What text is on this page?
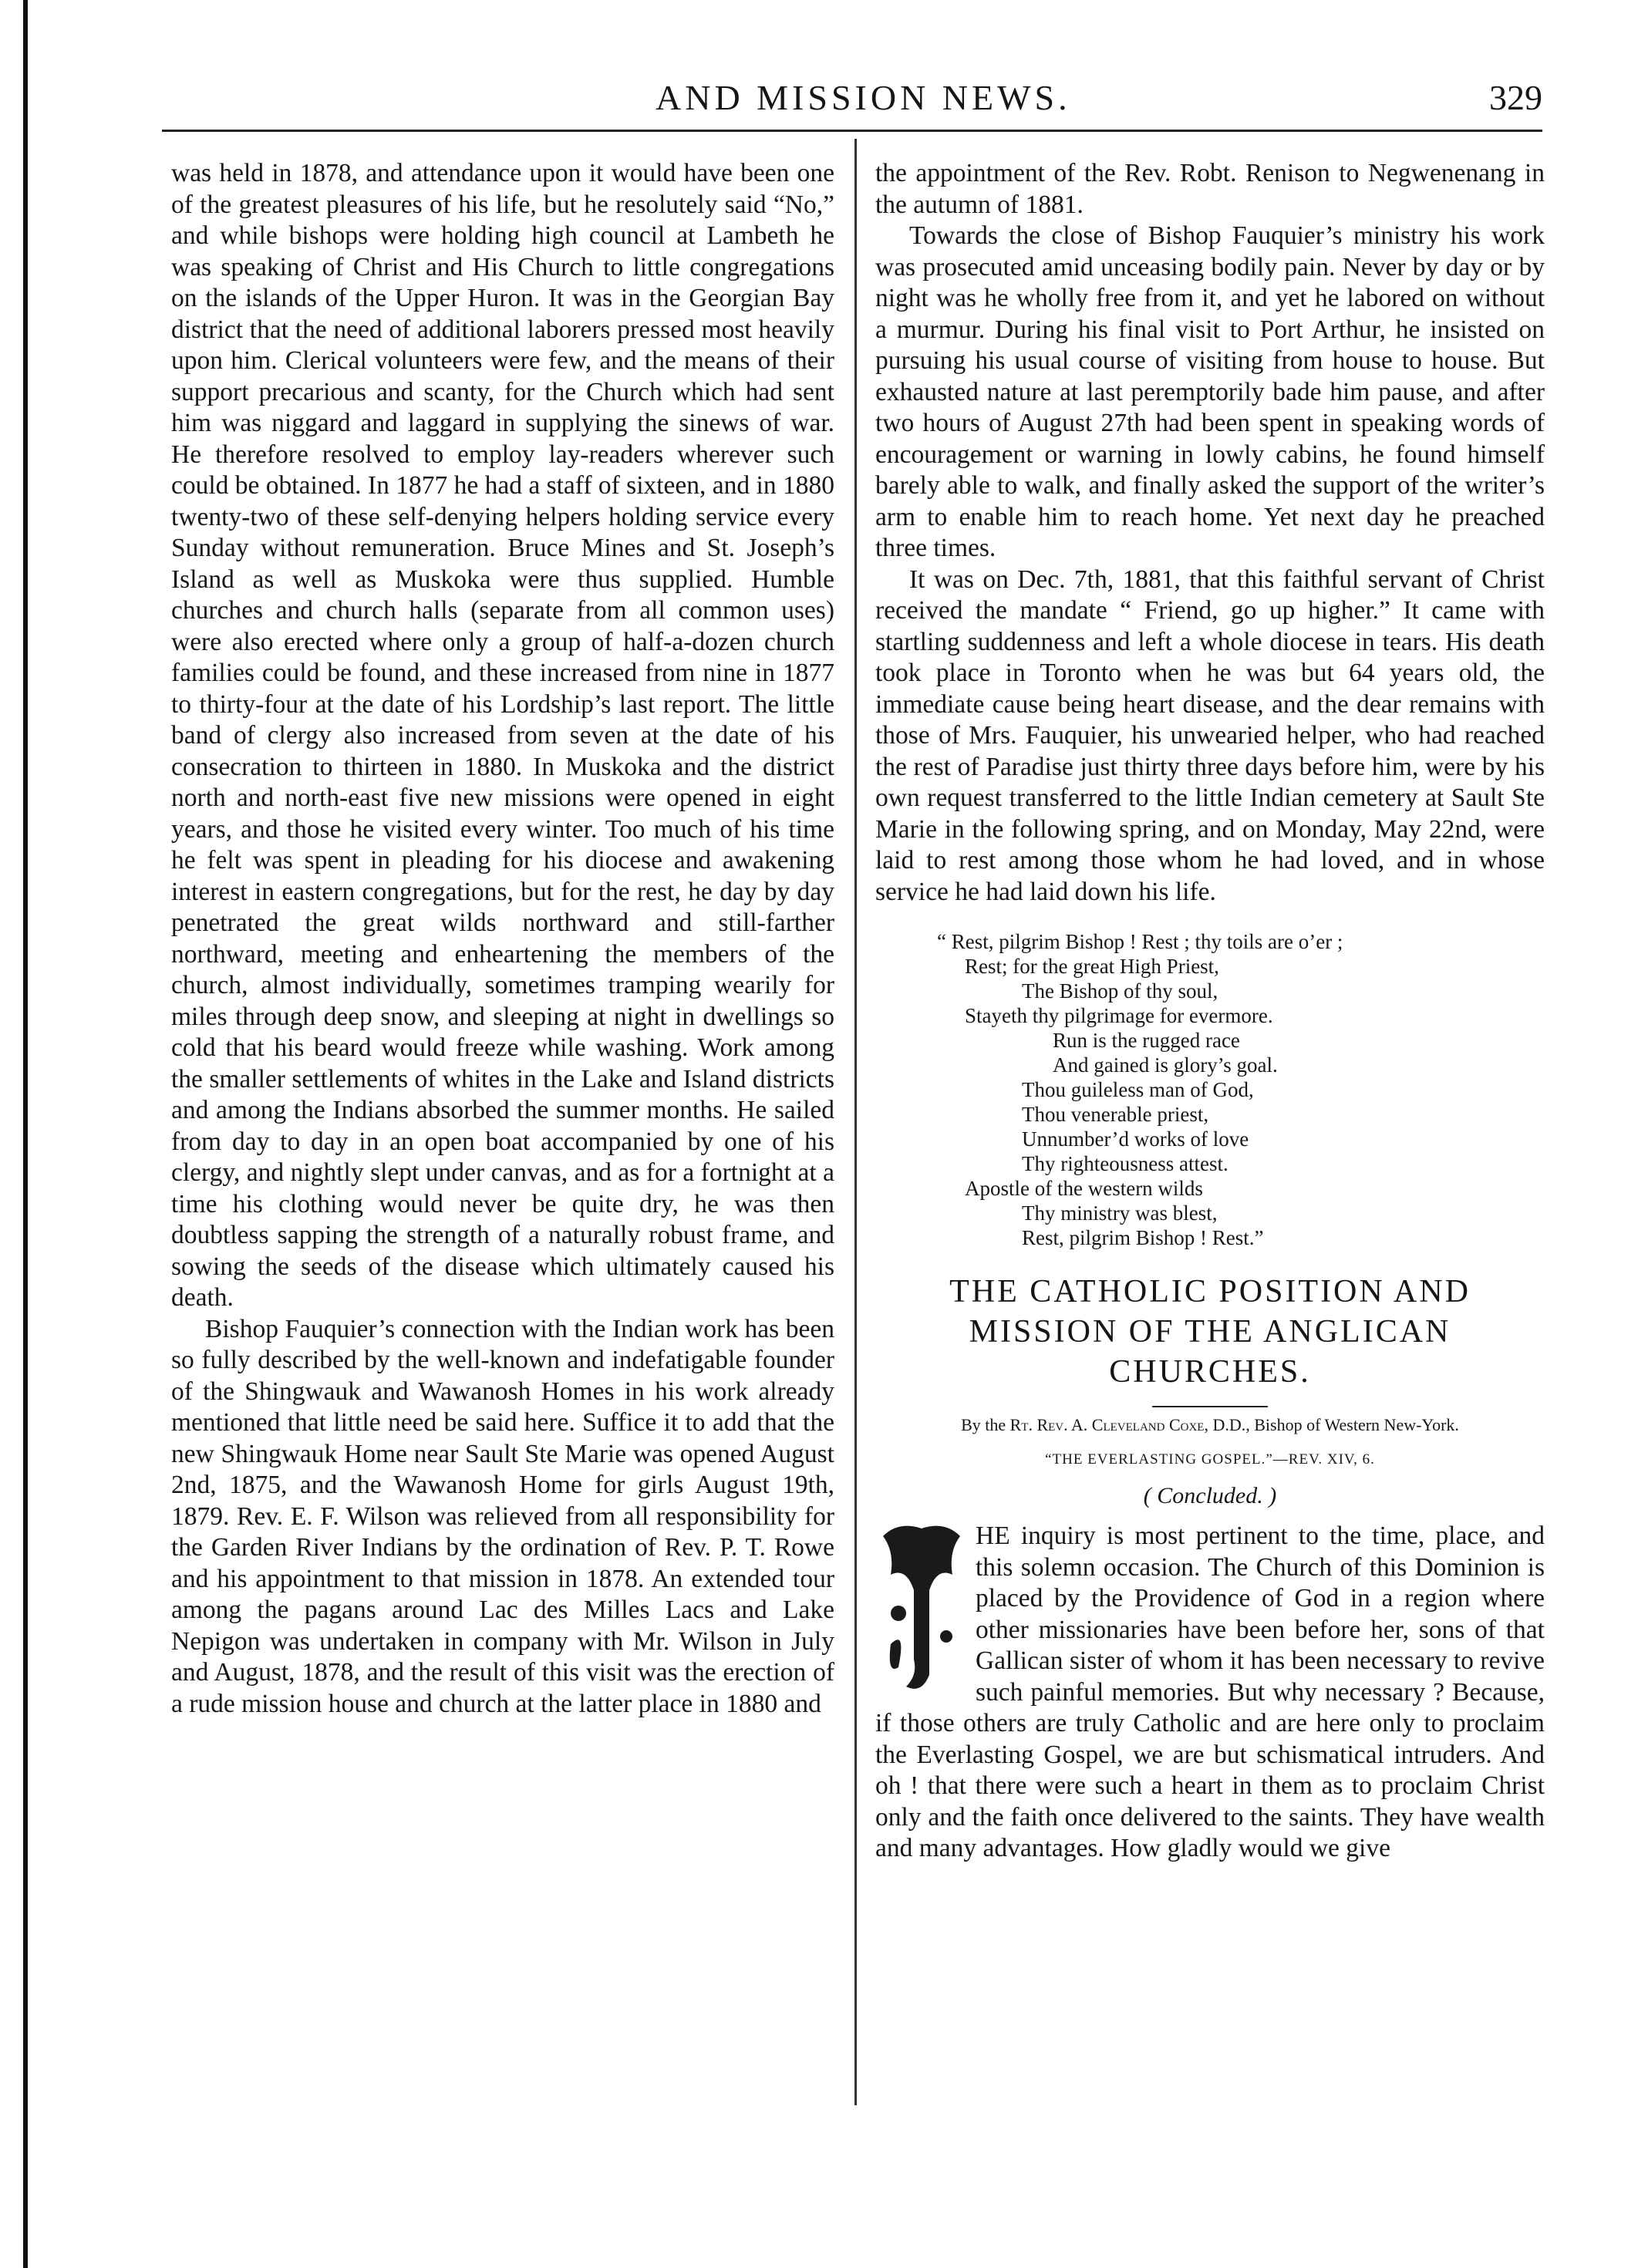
AND MISSION NEWS.	329

was held in 1878, and attendance upon it would have been one of the greatest pleasures of his life, but he resolutely said “No,” and while bishops were holding high council at Lambeth he was speaking of Christ and His Church to little congregations on the islands of the Upper Huron. It was in the Georgian Bay district that the need of additional laborers pressed most heavily upon him. Clerical volunteers were few, and the means of their support precarious and scanty, for the Church which had sent him was niggard and laggard in supplying the sinews of war. He therefore resolved to employ lay-readers wherever such could be obtained. In 1877 he had a staff of sixteen, and in 1880 twenty-two of these self-denying helpers holding service every Sunday without remuneration. Bruce Mines and St. Joseph’s Island as well as Muskoka were thus supplied. Humble churches and church halls (separate from all common uses) were also erected where only a group of half-a-dozen church families could be found, and these increased from nine in 1877 to thirty-four at the date of his Lordship’s last report. The little band of clergy also increased from seven at the date of his consecration to thirteen in 1880. In Muskoka and the district north and north-east five new missions were opened in eight years, and those he visited every winter. Too much of his time he felt was spent in pleading for his diocese and awakening interest in eastern congregations, but for the rest, he day by day penetrated the great wilds northward and still-farther northward, meeting and enheartening the members of the church, almost individually, sometimes tramping wearily for miles through deep snow, and sleeping at night in dwellings so cold that his beard would freeze while washing. Work among the smaller settlements of whites in the Lake and Island districts and among the Indians absorbed the summer months. He sailed from day to day in an open boat accompanied by one of his clergy, and nightly slept under canvas, and as for a fortnight at a time his clothing would never be quite dry, he was then doubtless sapping the strength of a naturally robust frame, and sowing the seeds of the disease which ultimately caused his death.

Bishop Fauquier’s connection with the Indian work has been so fully described by the well-known and indefatigable founder of the Shingwauk and Wawanosh Homes in his work already mentioned that little need be said here. Suffice it to add that the new Shingwauk Home near Sault Ste Marie was opened August 2nd, 1875, and the Wawanosh Home for girls August 19th, 1879. Rev. E. F. Wilson was relieved from all responsibility for the Garden River Indians by the ordination of Rev. P. T. Rowe and his appointment to that mission in 1878. An extended tour among the pagans around Lac des Milles Lacs and Lake Nepigon was undertaken in company with Mr. Wilson in July and August, 1878, and the result of this visit was the erection of a rude mission house and church at the latter place in 1880 and

the appointment of the Rev. Robt. Renison to Negwenenang in the autumn of 1881.

Towards the close of Bishop Fauquier’s ministry his work was prosecuted amid unceasing bodily pain. Never by day or by night was he wholly free from it, and yet he labored on without a murmur. During his final visit to Port Arthur, he insisted on pursuing his usual course of visiting from house to house. But exhausted nature at last peremptorily bade him pause, and after two hours of August 27th had been spent in speaking words of encouragement or warning in lowly cabins, he found himself barely able to walk, and finally asked the support of the writer’s arm to enable him to reach home. Yet next day he preached three times.

It was on Dec. 7th, 1881, that this faithful servant of Christ received the mandate “ Friend, go up higher.” It came with startling suddenness and left a whole diocese in tears. His death took place in Toronto when he was but 64 years old, the immediate cause being heart disease, and the dear remains with those of Mrs. Fauquier, his unwearied helper, who had reached the rest of Paradise just thirty three days before him, were by his own request transferred to the little Indian cemetery at Sault Ste Marie in the following spring, and on Monday, May 22nd, were laid to rest among those whom he had loved, and in whose service he had laid down his life.

“ Rest, pilgrim Bishop ! Rest ; thy toils are o’er ;
Rest; for the great High Priest,
The Bishop of thy soul,
Stayeth thy pilgrimage for evermore.
Run is the rugged race
And gained is glory’s goal.
Thou guileless man of God,
Thou venerable priest,
Unnumber’d works of love
Thy righteousness attest.
Apostle of the western wilds
Thy ministry was blest,
Rest, pilgrim Bishop ! Rest.”
THE CATHOLIC POSITION AND MISSION OF THE ANGLICAN CHURCHES.
By the Rt. Rev. A. Cleveland Coxe, D.D., Bishop of Western New-York.
“THE EVERLASTING GOSPEL.”—REV. XIV, 6.
( Concluded. )

HE inquiry is most pertinent to the time, place, and this solemn occasion. The Church of this Dominion is placed by the Providence of God in a region where other missionaries have been before her, sons of that Gallican sister of whom it has been necessary to revive such painful memories. But why necessary ? Because, if those others are truly Catholic and are here only to proclaim the Everlasting Gospel, we are but schismatical intruders. And oh ! that there were such a heart in them as to proclaim Christ only and the faith once delivered to the saints. They have wealth and many advantages. How gladly would we give
